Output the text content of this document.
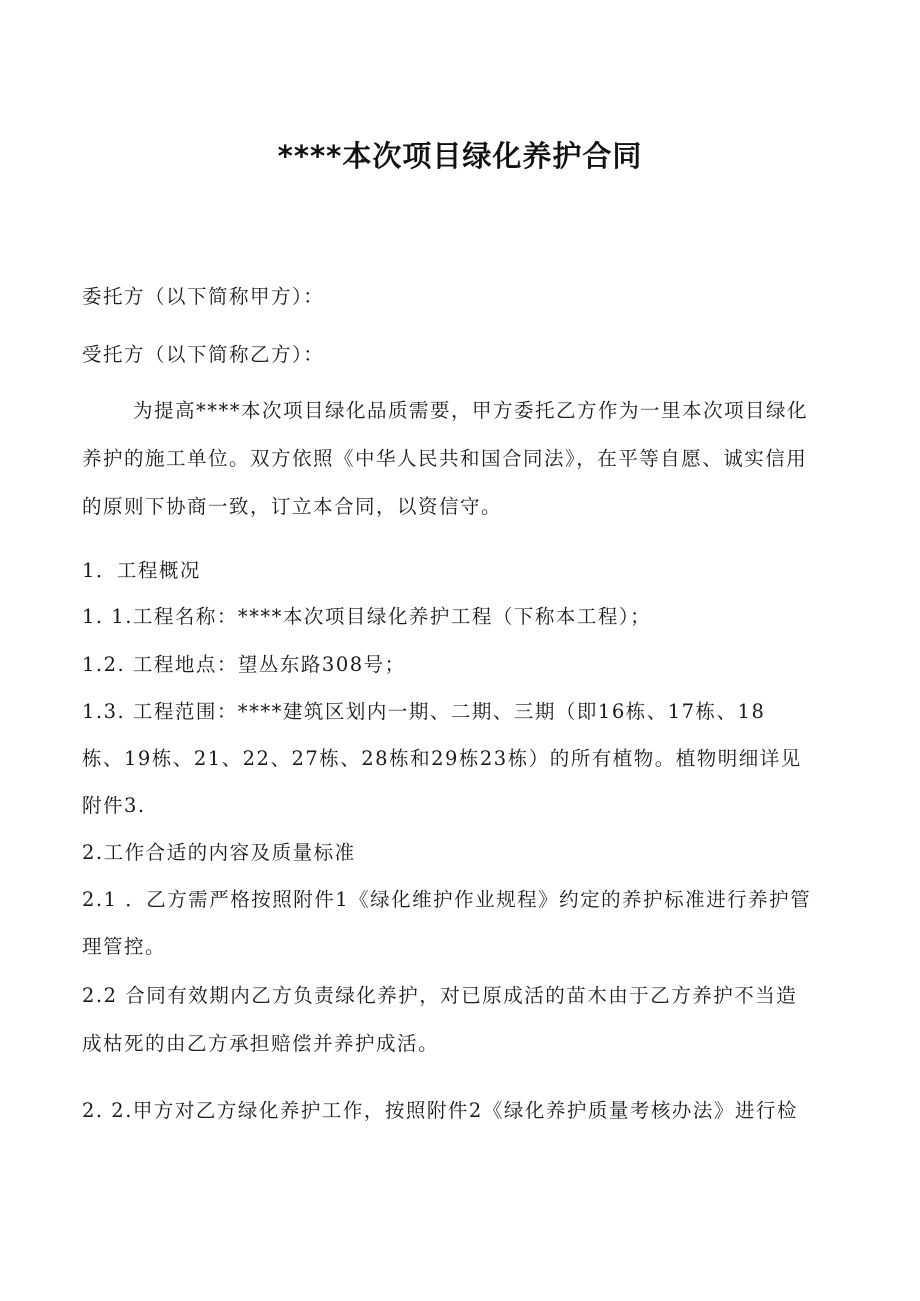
****本次项目绿化养护合同
委托方（以下简称甲方）：
受托方（以下简称乙方）：
为提高****本次项目绿化品质需要，甲方委托乙方作为一里本次项目绿化
养护的施工单位。双方依照《中华人民共和国合同法》，在平等自愿、诚实信用
的原则下协商一致，订立本合同，以资信守。
1．工程概况
1. 1.工程名称：****本次项目绿化养护工程（下称本工程）；
1.2. 工程地点：望丛东路308号；
1.3. 工程范围：****建筑区划内一期、二期、三期（即16栋、17栋、18
栋、19栋、21、22、27栋、28栋和29栋23栋）的所有植物。植物明细详见
附件3.
2.工作合适的内容及质量标准
2.1 ．乙方需严格按照附件1《绿化维护作业规程》约定的养护标准进行养护管
理管控。
2.2 合同有效期内乙方负责绿化养护，对已原成活的苗木由于乙方养护不当造
成枯死的由乙方承担赔偿并养护成活。
2. 2.甲方对乙方绿化养护工作，按照附件2《绿化养护质量考核办法》进行检
